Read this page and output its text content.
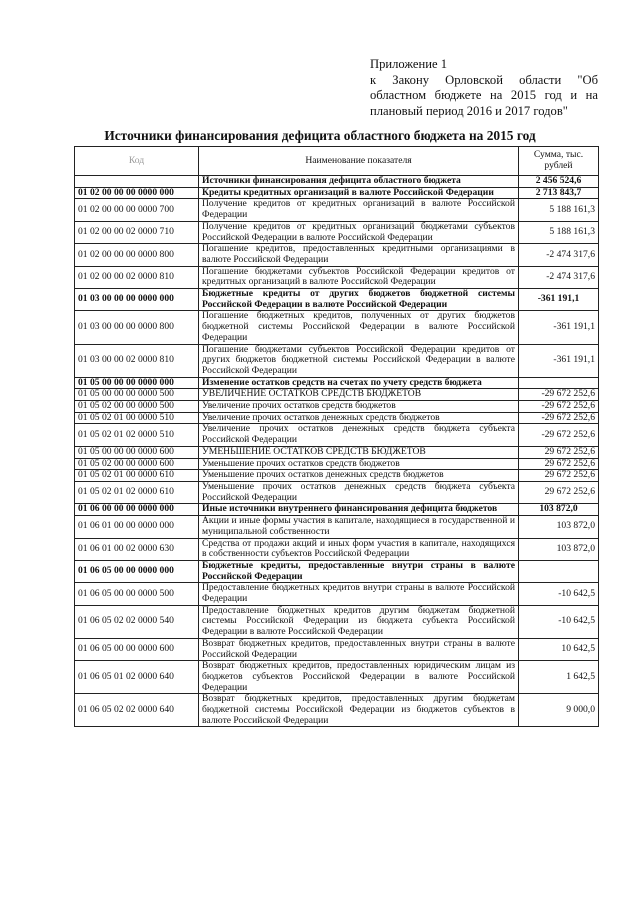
Приложение 1
к Закону Орловской области "Об
областном бюджете на 2015 год и на
плановый период 2016 и 2017 годов"
Источники финансирования дефицита областного бюджета на 2015 год
Код	Наименование показателя	Сумма, тыс. рублей
	Источники финансирования дефицита областного бюджета	2 456 524,6
01 02 00 00 00 0000 000	Кредиты кредитных организаций в валюте Российской Федерации	2 713 843,7
01 02 00 00 00 0000 700	Получение кредитов от кредитных организаций в валюте Российской Федерации	5 188 161,3
01 02 00 00 02 0000 710	Получение кредитов от кредитных организаций бюджетами субъектов Российской Федерации в валюте Российской Федерации	5 188 161,3
01 02 00 00 00 0000 800	Погашение кредитов, предоставленных кредитными организациями в валюте Российской Федерации	-2 474 317,6
01 02 00 00 02 0000 810	Погашение бюджетами субъектов Российской Федерации кредитов от кредитных организаций в валюте Российской Федерации	-2 474 317,6
01 03 00 00 00 0000 000	Бюджетные кредиты от других бюджетов бюджетной системы Российской Федерации в валюте Российской Федерации	-361 191,1
01 03 00 00 00 0000 800	Погашение бюджетных кредитов, полученных от других бюджетов бюджетной системы Российской Федерации в валюте Российской Федерации	-361 191,1
01 03 00 00 02 0000 810	Погашение бюджетами субъектов Российской Федерации кредитов от других бюджетов бюджетной системы Российской Федерации в валюте Российской Федерации	-361 191,1
01 05 00 00 00 0000 000	Изменение остатков средств на счетах по учету средств бюджета	
01 05 00 00 00 0000 500	УВЕЛИЧЕНИЕ ОСТАТКОВ СРЕДСТВ БЮДЖЕТОВ	-29 672 252,6
01 05 02 00 00 0000 500	Увеличение прочих остатков средств бюджетов	-29 672 252,6
01 05 02 01 00 0000 510	Увеличение прочих остатков денежных средств бюджетов	-29 672 252,6
01 05 02 01 02 0000 510	Увеличение прочих остатков денежных средств бюджета субъекта Российской Федерации	-29 672 252,6
01 05 00 00 00 0000 600	УМЕНЬШЕНИЕ ОСТАТКОВ СРЕДСТВ БЮДЖЕТОВ	29 672 252,6
01 05 02 00 00 0000 600	Уменьшение прочих остатков средств бюджетов	29 672 252,6
01 05 02 01 00 0000 610	Уменьшение прочих остатков денежных средств бюджетов	29 672 252,6
01 05 02 01 02 0000 610	Уменьшение прочих остатков денежных средств бюджета субъекта Российской Федерации	29 672 252,6
01 06 00 00 00 0000 000	Иные источники внутреннего финансирования дефицита бюджетов	103 872,0
01 06 01 00 00 0000 000	Акции и иные формы участия в капитале, находящиеся в государственной и муниципальной собственности	103 872,0
01 06 01 00 02 0000 630	Средства от продажи акций и иных форм участия в капитале, находящихся в собственности субъектов Российской Федерации	103 872,0
01 06 05 00 00 0000 000	Бюджетные кредиты, предоставленные внутри страны в валюте Российской Федерации	
01 06 05 00 00 0000 500	Предоставление бюджетных кредитов внутри страны в валюте Российской Федерации	-10 642,5
01 06 05 02 02 0000 540	Предоставление бюджетных кредитов другим бюджетам бюджетной системы Российской Федерации из бюджета субъекта Российской Федерации в валюте Российской Федерации	-10 642,5
01 06 05 00 00 0000 600	Возврат бюджетных кредитов, предоставленных внутри страны в валюте Российской Федерации	10 642,5
01 06 05 01 02 0000 640	Возврат бюджетных кредитов, предоставленных юридическим лицам из бюджетов субъектов Российской Федерации в валюте Российской Федерации	1 642,5
01 06 05 02 02 0000 640	Возврат бюджетных кредитов, предоставленных другим бюджетам бюджетной системы Российской Федерации из бюджетов субъектов в валюте Российской Федерации	9 000,0
